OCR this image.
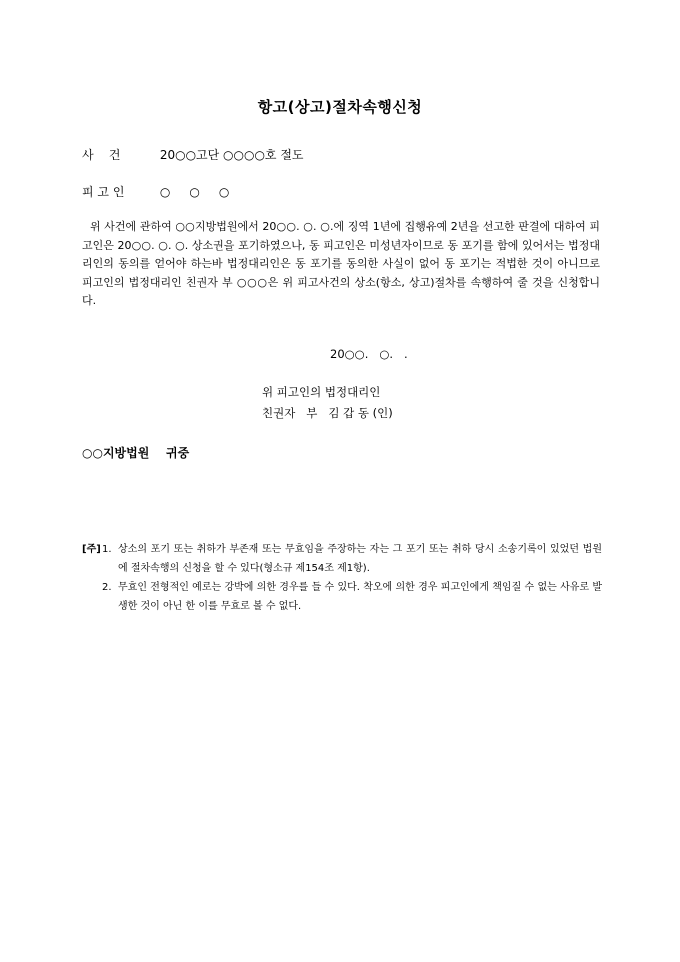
항고(상고)절차속행신청
사    건	20○○고단 ○○○○호 절도
피 고 인	○     ○     ○
위 사건에 관하여 ○○지방법원에서 20○○. ○. ○.에 징역 1년에 집행유예 2년을 선고한 판결에 대하여 피고인은 20○○. ○. ○. 상소권을 포기하였으나, 동 피고인은 미성년자이므로 동 포기를 함에 있어서는 법정대리인의 동의를 얻어야 하는바 법정대리인은 동 포기를 동의한 사실이 없어 동 포기는 적법한 것이 아니므로 피고인의 법정대리인 친권자 부 ○○○은 위 피고사건의 상소(항소, 상고)절차를 속행하여 줄 것을 신청합니다.
20○○.   ○.   .
위 피고인의 법정대리인
친권자   부   김 갑 동 (인)
○○지방법원    귀중
[주] 1. 상소의 포기 또는 취하가 부존재 또는 무효임을 주장하는 자는 그 포기 또는 취하 당시 소송기록이 있었던 법원에 절차속행의 신청을 할 수 있다(형소규 제154조 제1항).
2. 무효인 전형적인 예로는 강박에 의한 경우를 들 수 있다. 착오에 의한 경우 피고인에게 책임질 수 없는 사유로 발생한 것이 아닌 한 이를 무효로 볼 수 없다.
